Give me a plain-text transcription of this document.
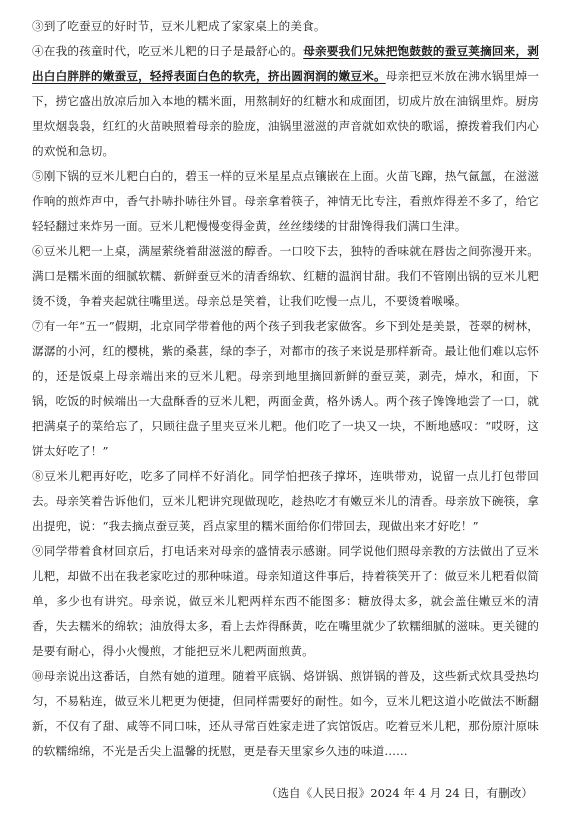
③到了吃蚕豆的好时节，豆米儿粑成了家家桌上的美食。

④在我的孩童时代，吃豆米儿粑的日子是最舒心的。母亲要我们兄妹把饱鼓鼓的蚕豆荚摘回来，剥出白白胖胖的嫩蚕豆，轻捋表面白色的软壳，挤出圆润润的嫩豆米。母亲把豆米放在沸水锅里焯一下，捞它盛出放凉后加入本地的糯米面，用熬制好的红糖水和成面团，切成片放在油锅里炸。厨房里炊烟袅袅，红红的火苗映照着母亲的脸庞，油锅里滋滋的声音就如欢快的歌谣，撩拨着我们内心的欢悦和急切。

⑤刚下锅的豆米儿粑白白的，碧玉一样的豆米星星点点镶嵌在上面。火苗飞蹿，热气氤氲，在滋滋作响的煎炸声中，香气扑哧扑哧往外冒。母亲拿着筷子，神情无比专注，看煎炸得差不多了，给它轻轻翻过来炸另一面。豆米儿粑慢慢变得金黄，丝丝缕缕的甘甜馋得我们满口生津。

⑥豆米儿粑一上桌，满屋萦绕着甜滋滋的醇香。一口咬下去，独特的香味就在唇齿之间弥漫开来。满口是糯米面的细腻软糯、新鲜蚕豆米的清香绵软、红糖的温润甘甜。我们不管刚出锅的豆米儿粑烫不烫，争着夹起就往嘴里送。母亲总是笑着，让我们吃慢一点儿，不要烫着喉嗓。

⑦有一年“五一”假期，北京同学带着他的两个孩子到我老家做客。乡下到处是美景，苍翠的树林，潺潺的小河，红的樱桃，紫的桑葚，绿的李子，对都市的孩子来说是那样新奇。最让他们难以忘怀的，还是饭桌上母亲端出来的豆米儿粑。母亲到地里摘回新鲜的蚕豆荚，剥壳，焯水，和面，下锅，吃饭的时候端出一大盘酥香的豆米儿粑，两面金黄，格外诱人。两个孩子馋馋地尝了一口，就把满桌子的菜给忘了，只顾往盘子里夹豆米儿粑。他们吃了一块又一块，不断地感叹：“哎呀，这饼太好吃了！”

⑧豆米儿粑再好吃，吃多了同样不好消化。同学怕把孩子撑坏，连哄带劝，说留一点儿打包带回去。母亲笑着告诉他们，豆米儿粑讲究现做现吃，趁热吃才有嫩豆米儿的清香。母亲放下碗筷，拿出提兜，说：“我去摘点蚕豆荚，舀点家里的糯米面给你们带回去，现做出来才好吃！”

⑨同学带着食材回京后，打电话来对母亲的盛情表示感谢。同学说他们照母亲教的方法做出了豆米儿粑，却做不出在我老家吃过的那种味道。母亲知道这件事后，持着筷笑开了：做豆米儿粑看似简单，多少也有讲究。母亲说，做豆米儿粑两样东西不能图多：糖放得太多，就会盖住嫩豆米的清香，失去糯米的绵软；油放得太多，看上去炸得酥黄，吃在嘴里就少了软糯细腻的滋味。更关键的是要有耐心，得小火慢煎，才能把豆米儿粑两面煎黄。

⑩母亲说出这番话，自然有她的道理。随着平底锅、烙饼锅、煎饼锅的普及，这些新式炊具受热均匀，不易粘连，做豆米儿粑更为便捷，但同样需要好的耐性。如今，豆米儿粑这道小吃做法不断翻新，不仅有了甜、咸等不同口味，还从寻常百姓家走进了宾馆饭店。吃着豆米儿粑，那份原汁原味的软糯绵绵，不光是舌尖上温馨的抚慰，更是春天里家乡久违的味道……

（选自《人民日报》2024 年 4 月 24 日，有删改）
